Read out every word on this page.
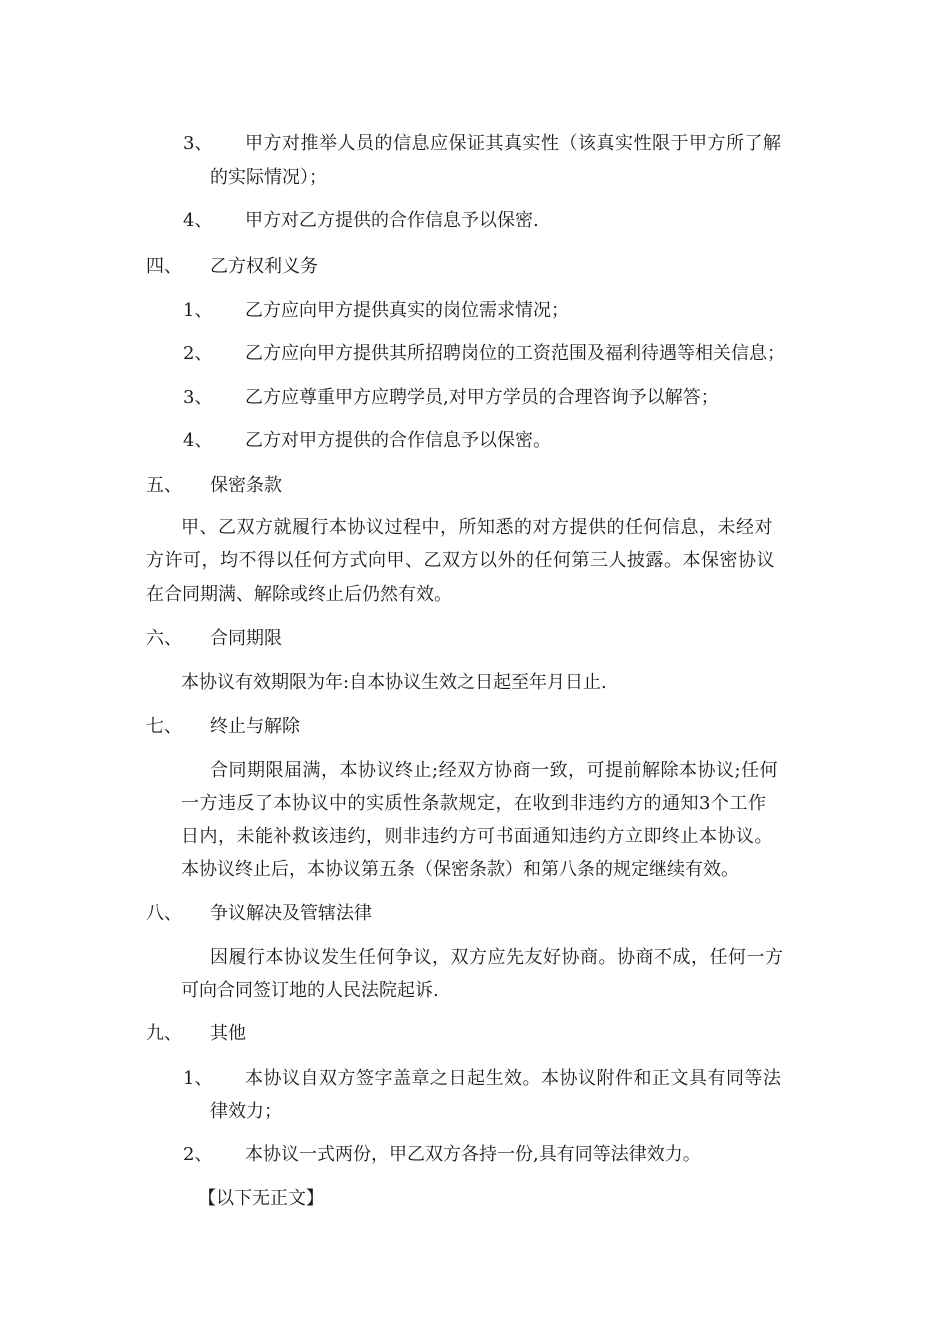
3、 甲方对推举人员的信息应保证其真实性（该真实性限于甲方所了解
的实际情况）；
4、 甲方对乙方提供的合作信息予以保密.
四、 乙方权利义务
1、 乙方应向甲方提供真实的岗位需求情况；
2、 乙方应向甲方提供其所招聘岗位的工资范围及福利待遇等相关信息；
3、 乙方应尊重甲方应聘学员,对甲方学员的合理咨询予以解答；
4、 乙方对甲方提供的合作信息予以保密。
五、 保密条款
甲、乙双方就履行本协议过程中，所知悉的对方提供的任何信息，未经对
方许可，均不得以任何方式向甲、乙双方以外的任何第三人披露。本保密协议
在合同期满、解除或终止后仍然有效。
六、 合同期限
本协议有效期限为年:自本协议生效之日起至年月日止.
七、 终止与解除
合同期限届满，本协议终止;经双方协商一致，可提前解除本协议;任何
一方违反了本协议中的实质性条款规定，在收到非违约方的通知3个工作
日内，未能补救该违约，则非违约方可书面通知违约方立即终止本协议。
本协议终止后，本协议第五条（保密条款）和第八条的规定继续有效。
八、 争议解决及管辖法律
因履行本协议发生任何争议，双方应先友好协商。协商不成，任何一方
可向合同签订地的人民法院起诉.
九、 其他
1、 本协议自双方签字盖章之日起生效。本协议附件和正文具有同等法
律效力；
2、 本协议一式两份，甲乙双方各持一份,具有同等法律效力。
【以下无正文】
